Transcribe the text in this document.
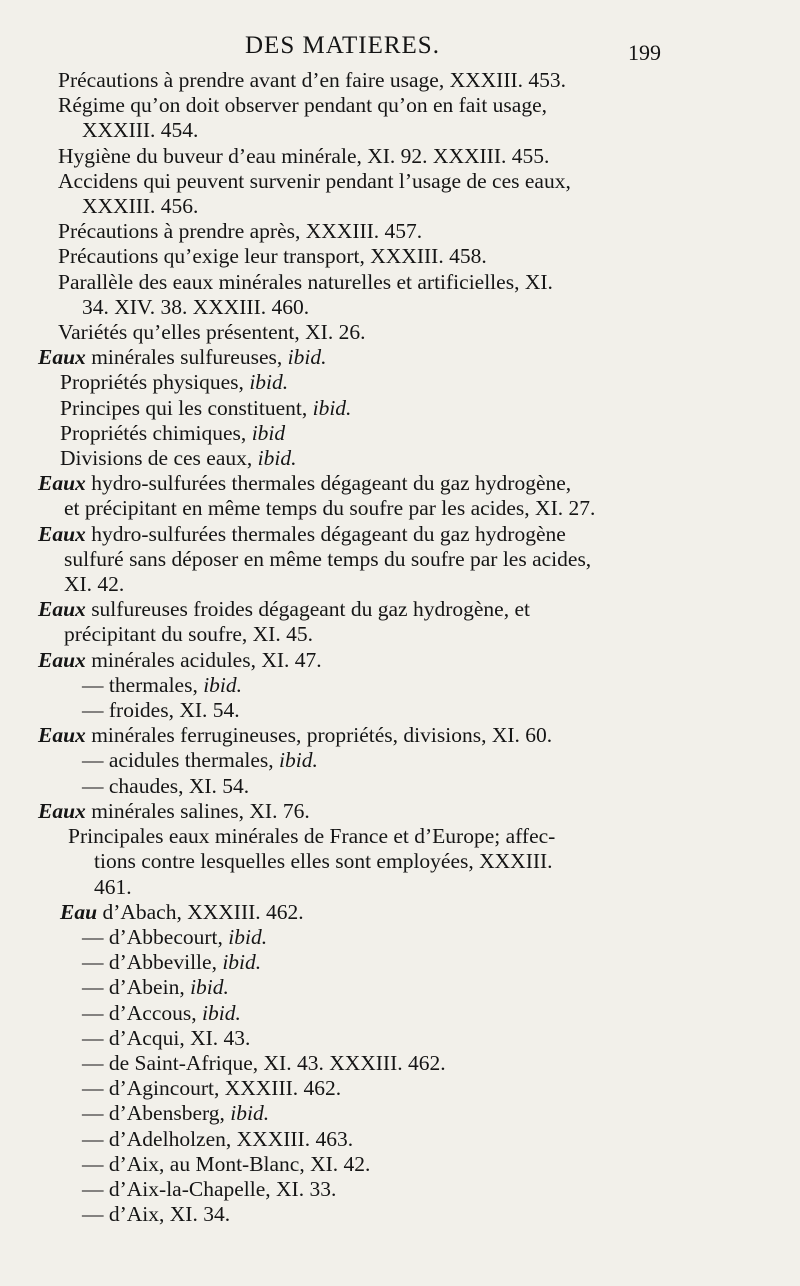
DES MATIERES.	199
Précautions à prendre avant d’en faire usage, XXXIII. 453.
Régime qu’on doit observer pendant qu’on en fait usage,
XXXIII. 454.
Hygiène du buveur d’eau minérale, XI. 92. XXXIII. 455.
Accidens qui peuvent survenir pendant l’usage de ces eaux,
XXXIII. 456.
Précautions à prendre après, XXXIII. 457.
Précautions qu’exige leur transport, XXXIII. 458.
Parallèle des eaux minérales naturelles et artificielles, XI.
34. XIV. 38. XXXIII. 460.
Variétés qu’elles présentent, XI. 26.
Eaux minérales sulfureuses, ibid.
Propriétés physiques, ibid.
Principes qui les constituent, ibid.
Propriétés chimiques, ibid
Divisions de ces eaux, ibid.
Eaux hydro-sulfurées thermales dégageant du gaz hydrogène,
et précipitant en même temps du soufre par les acides, XI. 27.
Eaux hydro-sulfurées thermales dégageant du gaz hydrogène
sulfuré sans déposer en même temps du soufre par les acides,
XI. 42.
Eaux sulfureuses froides dégageant du gaz hydrogène, et
précipitant du soufre, XI. 45.
Eaux minérales acidules, XI. 47.
— thermales, ibid.
— froides, XI. 54.
Eaux minérales ferrugineuses, propriétés, divisions, XI. 60.
— acidules thermales, ibid.
— chaudes, XI. 54.
Eaux minérales salines, XI. 76.
Principales eaux minérales de France et d’Europe; affec-
tions contre lesquelles elles sont employées, XXXIII.
461.
Eau d’Abach, XXXIII. 462.
— d’Abbecourt, ibid.
— d’Abbeville, ibid.
— d’Abein, ibid.
— d’Accous, ibid.
— d’Acqui, XI. 43.
— de Saint-Afrique, XI. 43. XXXIII. 462.
— d’Agincourt, XXXIII. 462.
— d’Abensberg, ibid.
— d’Adelholzen, XXXIII. 463.
— d’Aix, au Mont-Blanc, XI. 42.
— d’Aix-la-Chapelle, XI. 33.
— d’Aix, XI. 34.
